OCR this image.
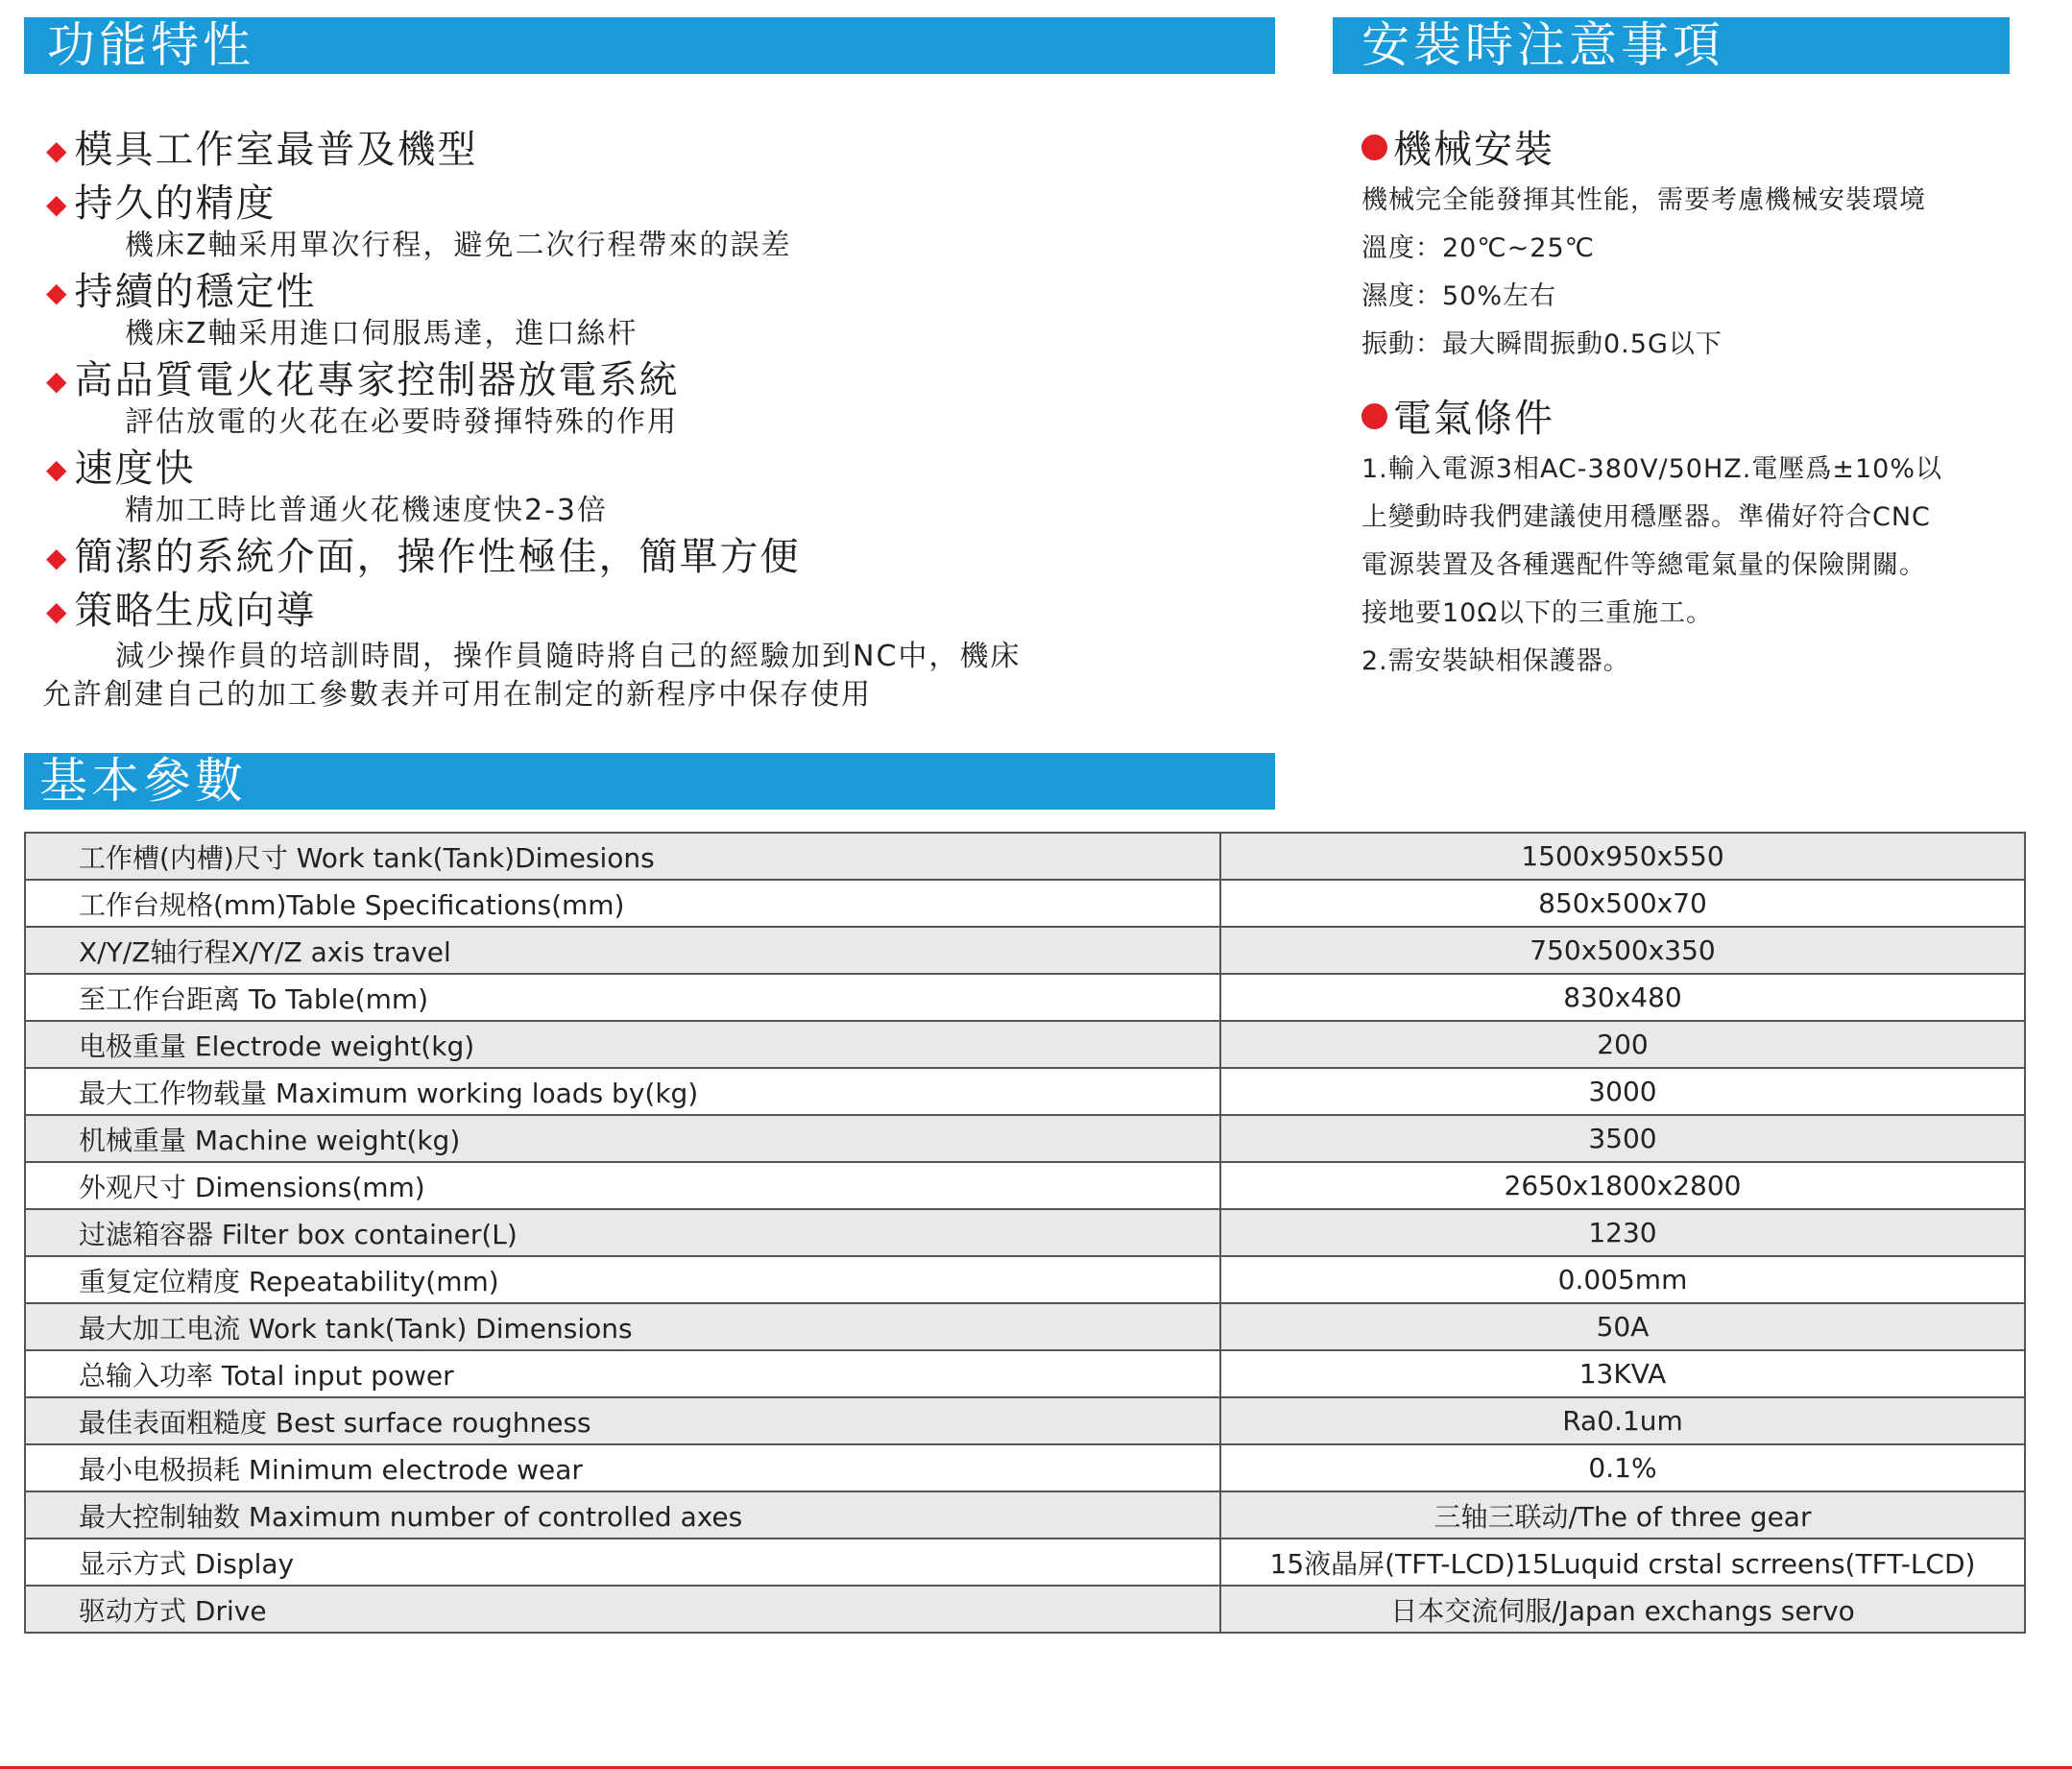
功能特性	安裝時注意事項
基本參數
◆ 模具工作室最普及機型
◆ 持久的精度
機床Z軸采用單次行程，避免二次行程帶來的誤差
◆ 持續的穩定性
機床Z軸采用進口伺服馬達，進口絲杆
◆ 高品質電火花專家控制器放電系統
評估放電的火花在必要時發揮特殊的作用
◆ 速度快
精加工時比普通火花機速度快2-3倍
◆ 簡潔的系統介面，操作性極佳，簡單方便
◆ 策略生成向導
減少操作員的培訓時間，操作員隨時將自己的經驗加到NC中，機床
允許創建自己的加工參數表并可用在制定的新程序中保存使用
機械安裝
機械完全能發揮其性能，需要考慮機械安裝環境
溫度：20℃~25℃
濕度：50%左右
振動：最大瞬間振動0.5G以下
電氣條件
1.輸入電源3相AC-380V/50HZ.電壓爲±10%以
上變動時我們建議使用穩壓器。準備好符合CNC
電源裝置及各種選配件等總電氣量的保險開關。
接地要10Ω以下的三重施工。
2.需安裝缺相保護器。
工作槽(内槽)尺寸 Work tank(Tank)Dimesions	1500x950x550
工作台规格(mm)Table Specifications(mm)	850x500x70
X/Y/Z轴行程X/Y/Z axis travel	750x500x350
至工作台距离 To Table(mm)	830x480
电极重量 Electrode weight(kg)	200
最大工作物载量 Maximum working loads by(kg)	3000
机械重量 Machine weight(kg)	3500
外观尺寸 Dimensions(mm)	2650x1800x2800
过滤箱容器 Filter box container(L)	1230
重复定位精度 Repeatability(mm)	0.005mm
最大加工电流 Work tank(Tank) Dimensions	50A
总输入功率 Total input power	13KVA
最佳表面粗糙度 Best surface roughness	Ra0.1um
最小电极损耗 Minimum electrode wear	0.1%
最大控制轴数 Maximum number of controlled axes	三轴三联动/The of three gear
显示方式 Display	15液晶屏(TFT-LCD)15Luquid crstal scrreens(TFT-LCD)
驱动方式 Drive	日本交流伺服/Japan exchangs servo
